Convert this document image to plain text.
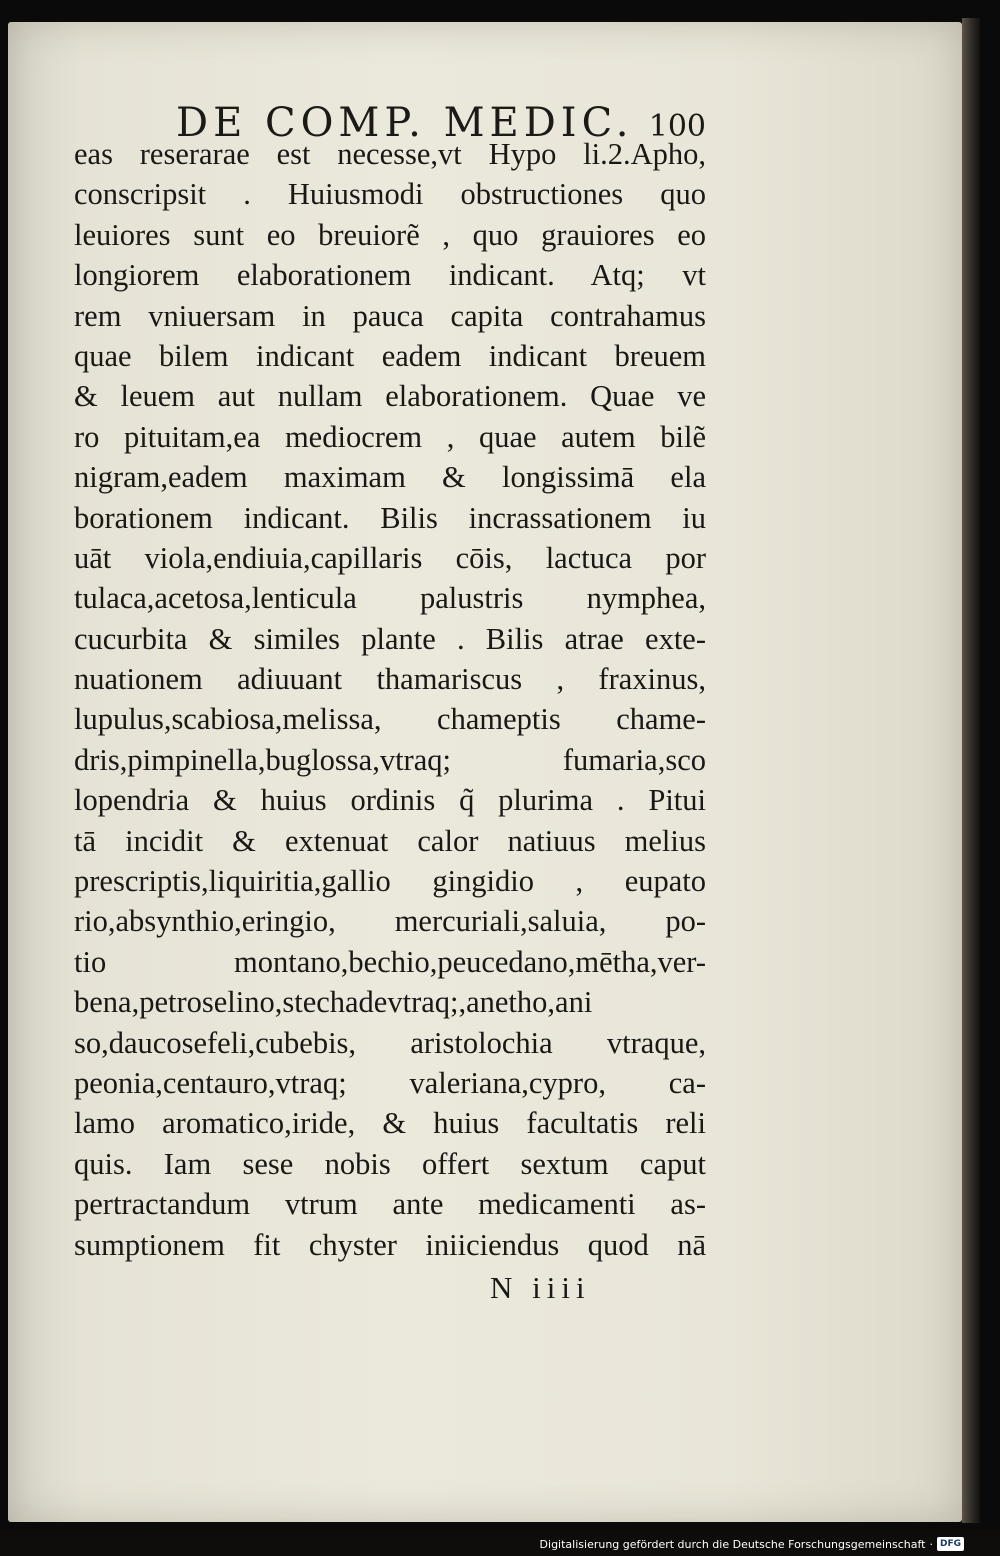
DE COMP. MEDIC. 100
eas reserarae est necesse,vt Hypo li.2.Apho,
conscripsit . Huiusmodi obstructiones quo
leuiores sunt eo breuiorẽ , quo grauiores eo
longiorem elaborationem indicant. Atq; vt
rem vniuersam in pauca capita contrahamus
quae bilem indicant eadem indicant breuem
& leuem aut nullam elaborationem. Quae ve
ro pituitam,ea mediocrem , quae autem bilẽ
nigram,eadem maximam & longissimā ela
borationem indicant. Bilis incrassationem iu
uāt viola,endiuia,capillaris cōis, lactuca por
tulaca,acetosa,lenticula palustris nymphea,
cucurbita & similes plante . Bilis atrae exte-
nuationem adiuuant thamariscus , fraxinus,
lupulus,scabiosa,melissa, chameptis chame-
dris,pimpinella,buglossa,vtraq; fumaria,sco
lopendria & huius ordinis q̃ plurima . Pitui
tā incidit & extenuat calor natiuus melius
prescriptis,liquiritia,gallio gingidio , eupato
rio,absynthio,eringio, mercuriali,saluia, po-
tio montano,bechio,peucedano,mētha,ver-
bena,petroselino,stechadevtraq;,anetho,ani
so,daucosefeli,cubebis, aristolochia vtraque,
peonia,centauro,vtraq; valeriana,cypro, ca-
lamo aromatico,iride, & huius facultatis reli
quis. Iam sese nobis offert sextum caput
pertractandum vtrum ante medicamenti as-
sumptionem fit chyster iniiciendus quod nā
N iiii
Digitalisierung gefördert durch die Deutsche Forschungsgemeinschaft · DFG
